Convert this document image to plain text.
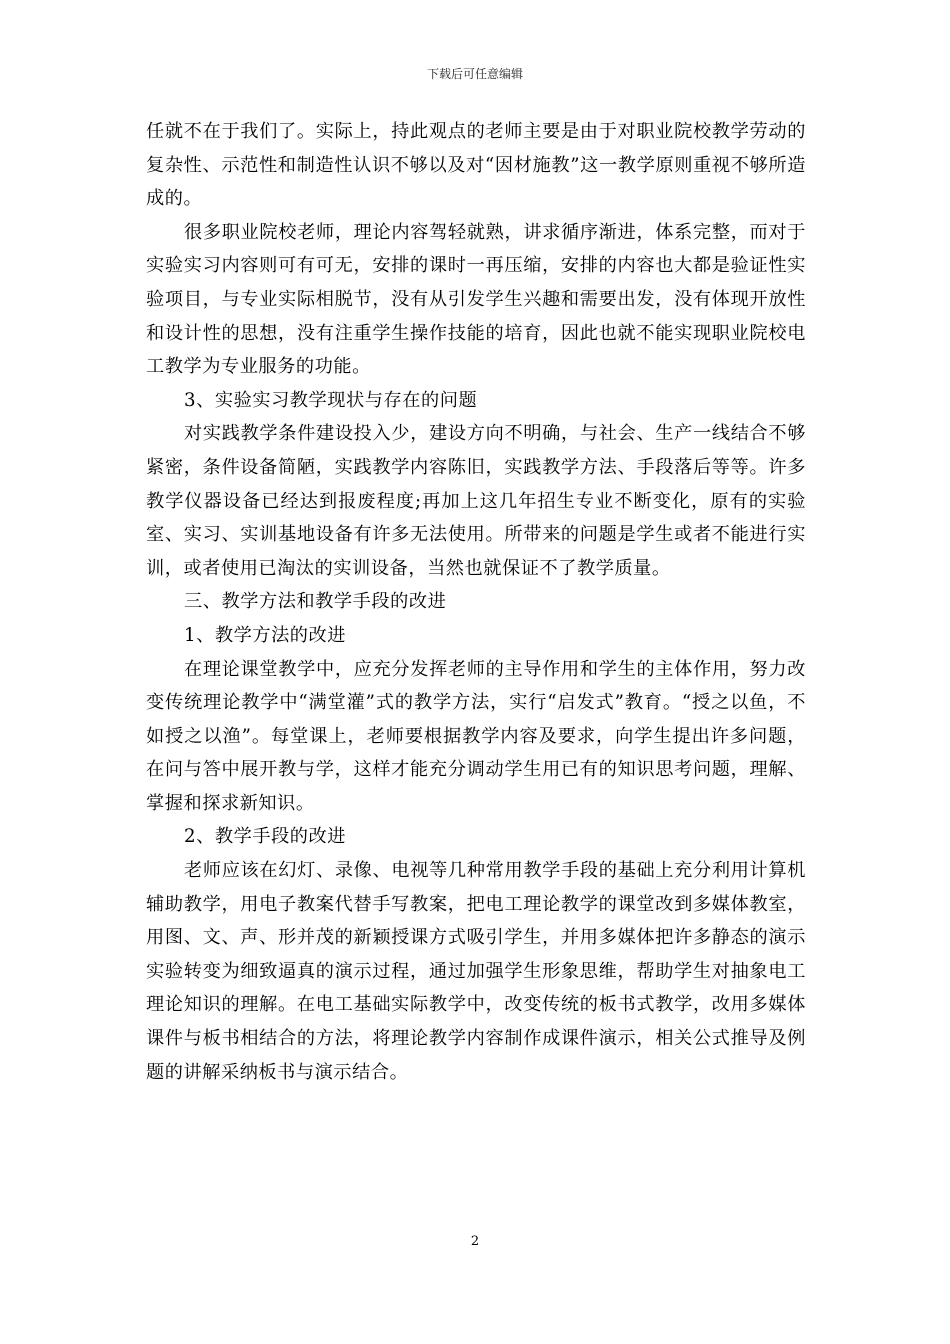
下载后可任意编辑

任就不在于我们了。实际上，持此观点的老师主要是由于对职业院校教学劳动的复杂性、示范性和制造性认识不够以及对“因材施教”这一教学原则重视不够所造成的。

很多职业院校老师，理论内容驾轻就熟，讲求循序渐进，体系完整，而对于实验实习内容则可有可无，安排的课时一再压缩，安排的内容也大都是验证性实验项目，与专业实际相脱节，没有从引发学生兴趣和需要出发，没有体现开放性和设计性的思想，没有注重学生操作技能的培育，因此也就不能实现职业院校电工教学为专业服务的功能。

3、实验实习教学现状与存在的问题

对实践教学条件建设投入少，建设方向不明确，与社会、生产一线结合不够紧密，条件设备简陋，实践教学内容陈旧，实践教学方法、手段落后等等。许多教学仪器设备已经达到报废程度;再加上这几年招生专业不断变化，原有的实验室、实习、实训基地设备有许多无法使用。所带来的问题是学生或者不能进行实训，或者使用已淘汰的实训设备，当然也就保证不了教学质量。

三、教学方法和教学手段的改进

1、教学方法的改进

在理论课堂教学中，应充分发挥老师的主导作用和学生的主体作用，努力改变传统理论教学中“满堂灌”式的教学方法，实行“启发式”教育。“授之以鱼，不如授之以渔”。每堂课上，老师要根据教学内容及要求，向学生提出许多问题，在问与答中展开教与学，这样才能充分调动学生用已有的知识思考问题，理解、掌握和探求新知识。

2、教学手段的改进

老师应该在幻灯、录像、电视等几种常用教学手段的基础上充分利用计算机辅助教学，用电子教案代替手写教案，把电工理论教学的课堂改到多媒体教室，用图、文、声、形并茂的新颖授课方式吸引学生，并用多媒体把许多静态的演示实验转变为细致逼真的演示过程，通过加强学生形象思维，帮助学生对抽象电工理论知识的理解。在电工基础实际教学中，改变传统的板书式教学，改用多媒体课件与板书相结合的方法，将理论教学内容制作成课件演示，相关公式推导及例题的讲解采纳板书与演示结合。

2
